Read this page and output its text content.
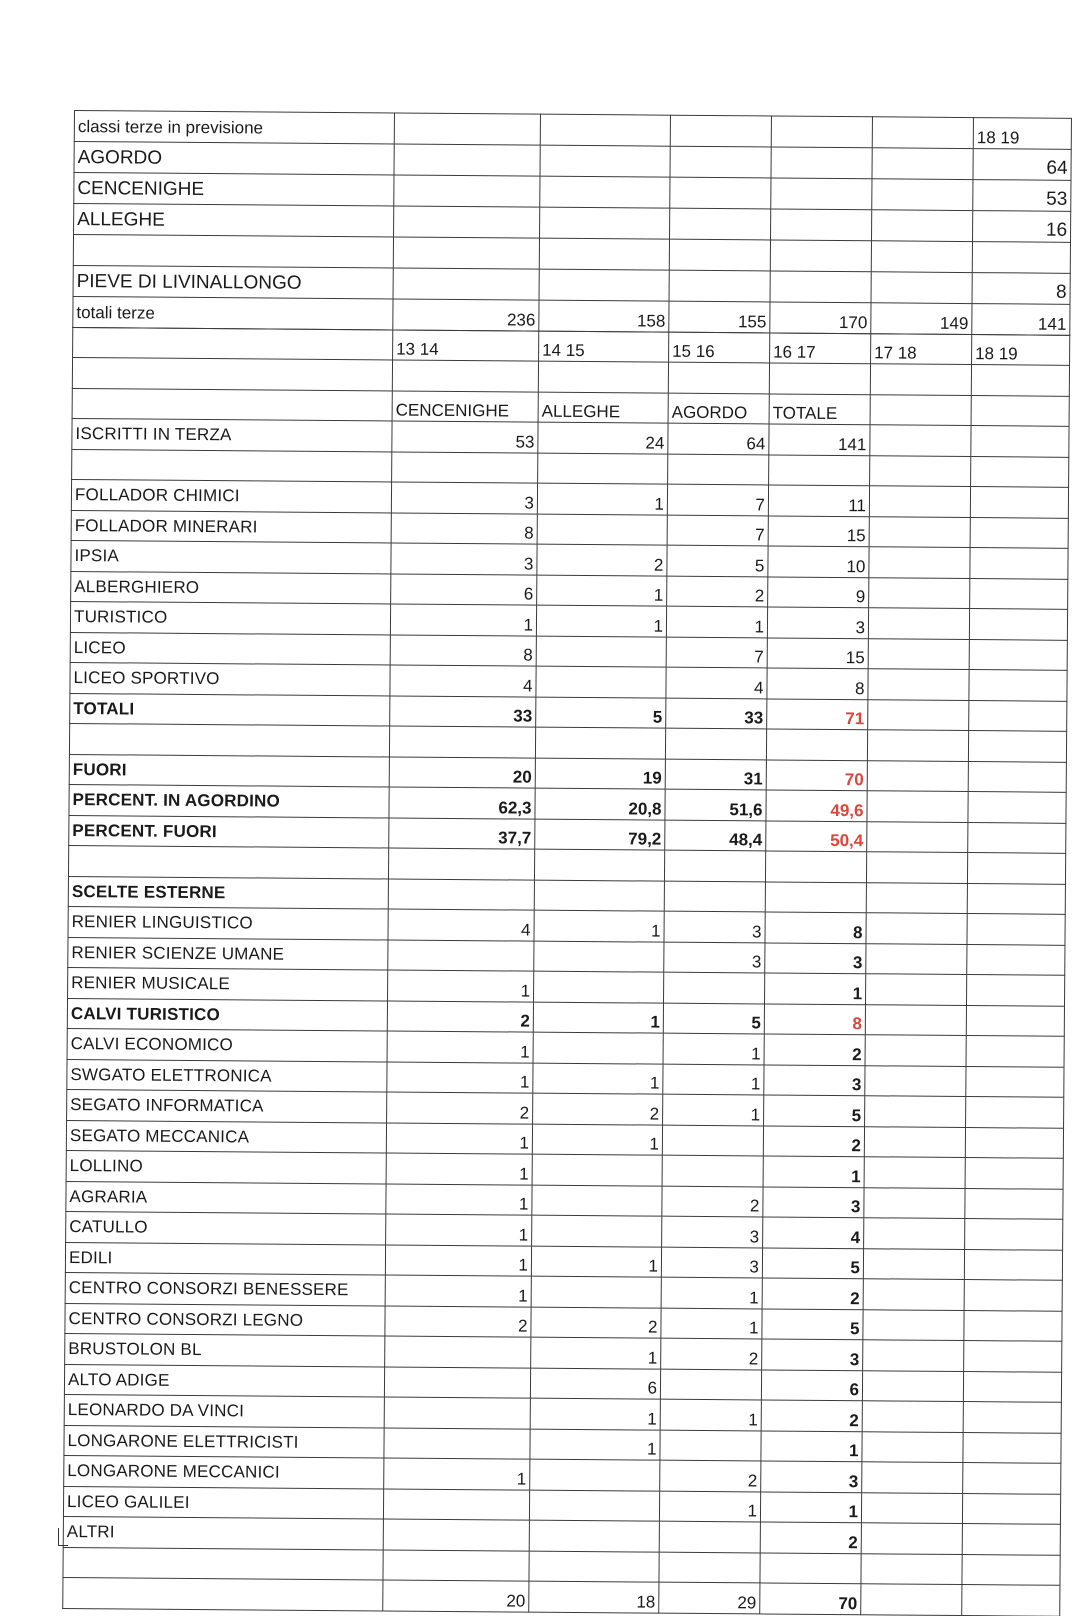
classi terze in previsione						18 19
AGORDO						64
CENCENIGHE						53
ALLEGHE						16

PIEVE DI LIVINALLONGO						8
totali terze	236	158	155	170	149	141
	13 14	14 15	15 16	16 17	17 18	18 19

	CENCENIGHE	ALLEGHE	AGORDO	TOTALE		
ISCRITTI IN TERZA	53	24	64	141		

FOLLADOR CHIMICI	3	1	7	11		
FOLLADOR MINERARI	8		7	15		
IPSIA	3	2	5	10		
ALBERGHIERO	6	1	2	9		
TURISTICO	1	1	1	3		
LICEO	8		7	15		
LICEO SPORTIVO	4		4	8		
TOTALI	33	5	33	71		

FUORI	20	19	31	70		
PERCENT. IN AGORDINO	62,3	20,8	51,6	49,6		
PERCENT. FUORI	37,7	79,2	48,4	50,4		

SCELTE ESTERNE						
RENIER LINGUISTICO	4	1	3	8		
RENIER SCIENZE UMANE			3	3		
RENIER MUSICALE	1			1		
CALVI TURISTICO	2	1	5	8		
CALVI ECONOMICO	1		1	2		
SWGATO ELETTRONICA	1	1	1	3		
SEGATO INFORMATICA	2	2	1	5		
SEGATO MECCANICA	1	1		2		
LOLLINO	1			1		
AGRARIA	1		2	3		
CATULLO	1		3	4		
EDILI	1	1	3	5		
CENTRO CONSORZI BENESSERE	1		1	2		
CENTRO CONSORZI LEGNO	2	2	1	5		
BRUSTOLON BL		1	2	3		
ALTO ADIGE		6		6		
LEONARDO DA VINCI		1	1	2		
LONGARONE ELETTRICISTI		1		1		
LONGARONE MECCANICI	1		2	3		
LICEO GALILEI			1	1		
ALTRI				2		

	20	18	29	70		
